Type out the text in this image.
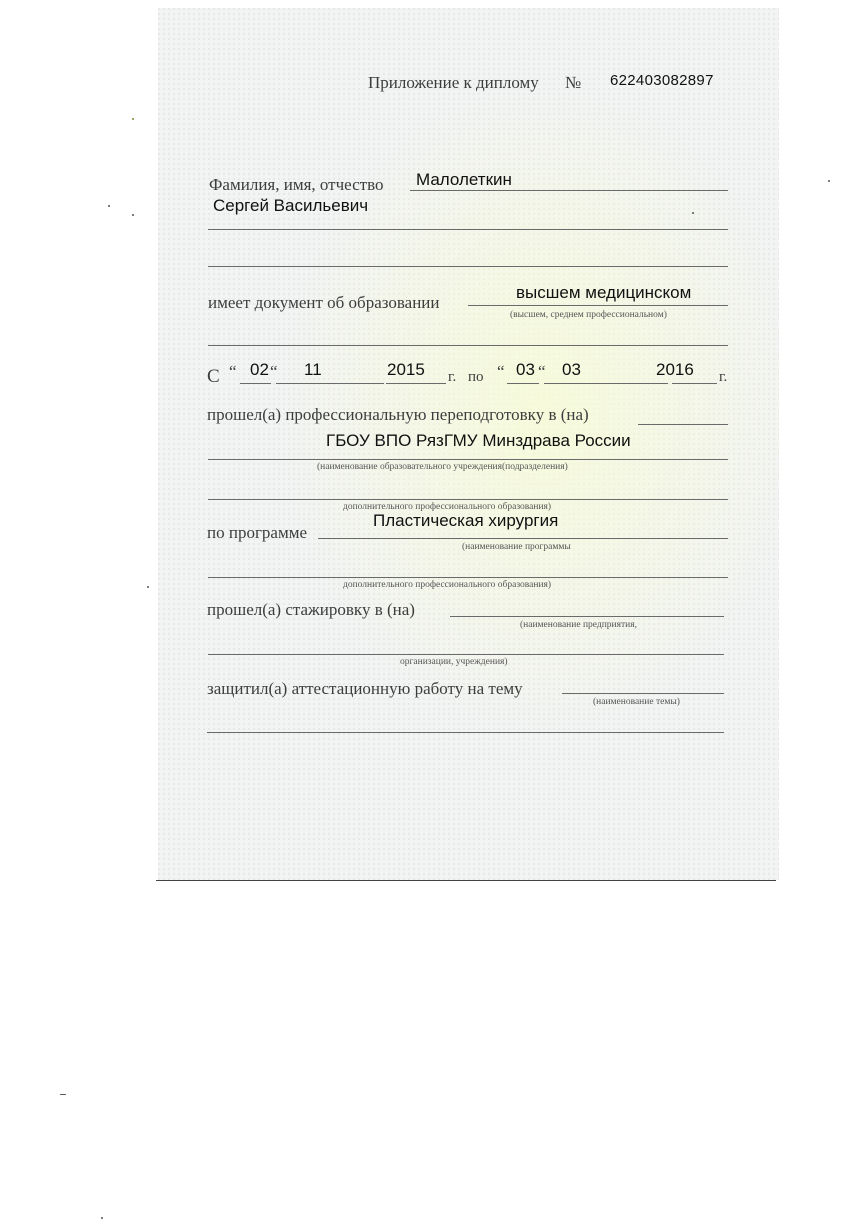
Приложение к диплому № 622403082897
Фамилия, имя, отчество Малолеткин
Сергей Васильевич
имеет документ об образовании
высшем медицинском
(высшем, среднем профессиональном)
С “ 02 “ 11	2015 г. по “ 03 “ 03	2016 г.
прошел(а) профессиональную переподготовку в (на)
ГБОУ ВПО РязГМУ Минздрава России
(наименование образовательного учреждения(подразделения)
дополнительного профессионального образования)
по программе
Пластическая хирургия
(наименование программы
дополнительного профессионального образования)
прошел(а) стажировку в (на)
(наименование предприятия,
организации, учреждения)
защитил(а) аттестационную работу на тему
(наименование темы)
